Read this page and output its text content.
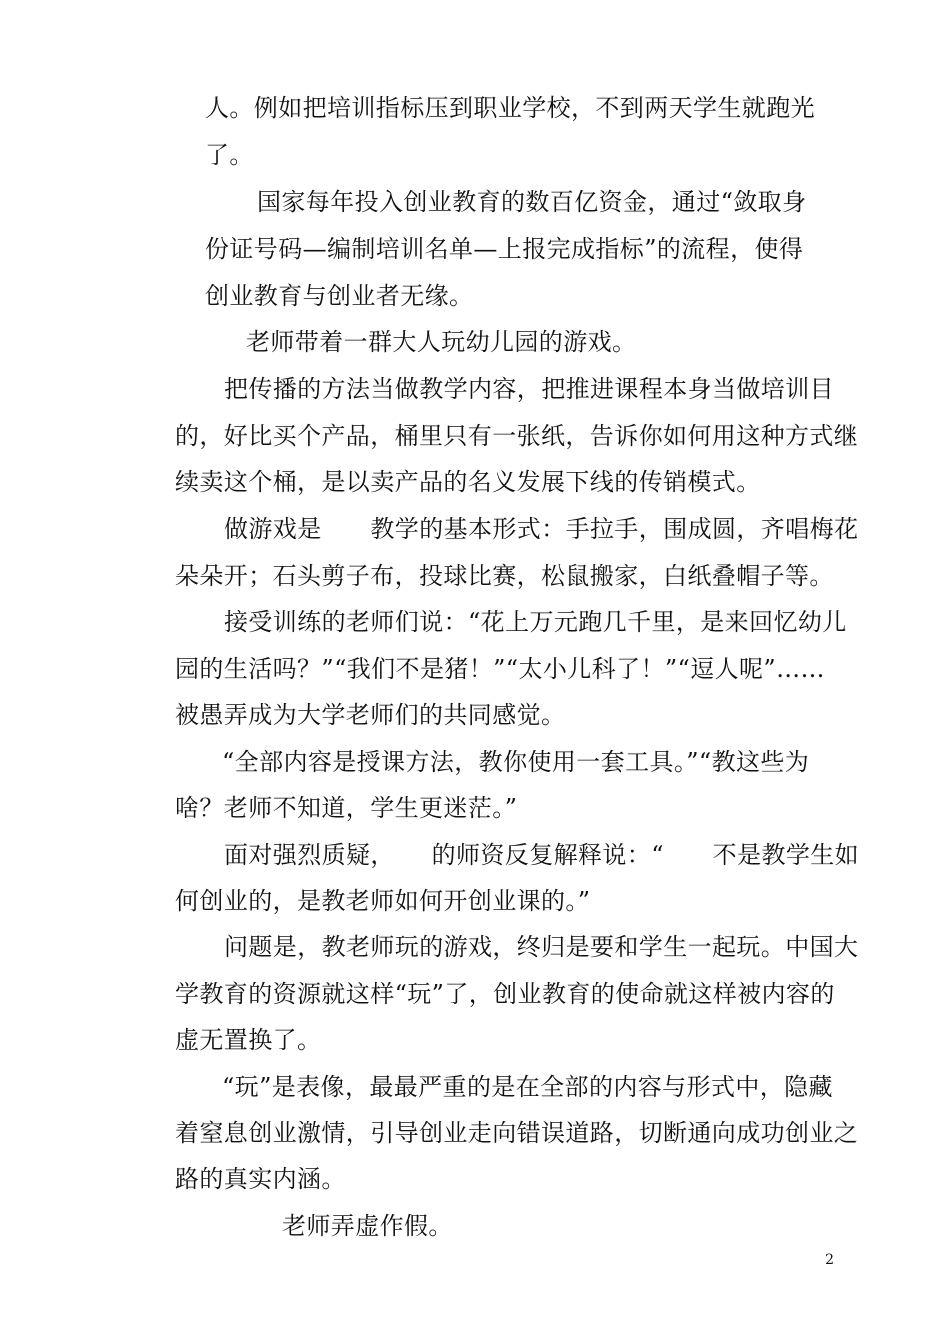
人。例如把培训指标压到职业学校，不到两天学生就跑光
了。
国家每年投入创业教育的数百亿资金，通过“敛取身
份证号码—编制培训名单—上报完成指标”的流程，使得
创业教育与创业者无缘。
老师带着一群大人玩幼儿园的游戏。
把传播的方法当做教学内容，把推进课程本身当做培训目
的，好比买个产品，桶里只有一张纸，告诉你如何用这种方式继
续卖这个桶，是以卖产品的名义发展下线的传销模式。
做游戏是　　教学的基本形式：手拉手，围成圆，齐唱梅花
朵朵开；石头剪子布，投球比赛，松鼠搬家，白纸叠帽子等。
接受训练的老师们说：“花上万元跑几千里，是来回忆幼儿
园的生活吗？”“我们不是猪！”“太小儿科了！”“逗人呢”……
被愚弄成为大学老师们的共同感觉。
“全部内容是授课方法，教你使用一套工具。”“教这些为
啥？老师不知道，学生更迷茫。”
面对强烈质疑，　　的师资反复解释说：“　　不是教学生如
何创业的，是教老师如何开创业课的。”
问题是，教老师玩的游戏，终归是要和学生一起玩。中国大
学教育的资源就这样“玩”了，创业教育的使命就这样被内容的
虚无置换了。
“玩”是表像，最最严重的是在全部的内容与形式中，隐藏
着窒息创业激情，引导创业走向错误道路，切断通向成功创业之
路的真实内涵。
老师弄虚作假。
2
